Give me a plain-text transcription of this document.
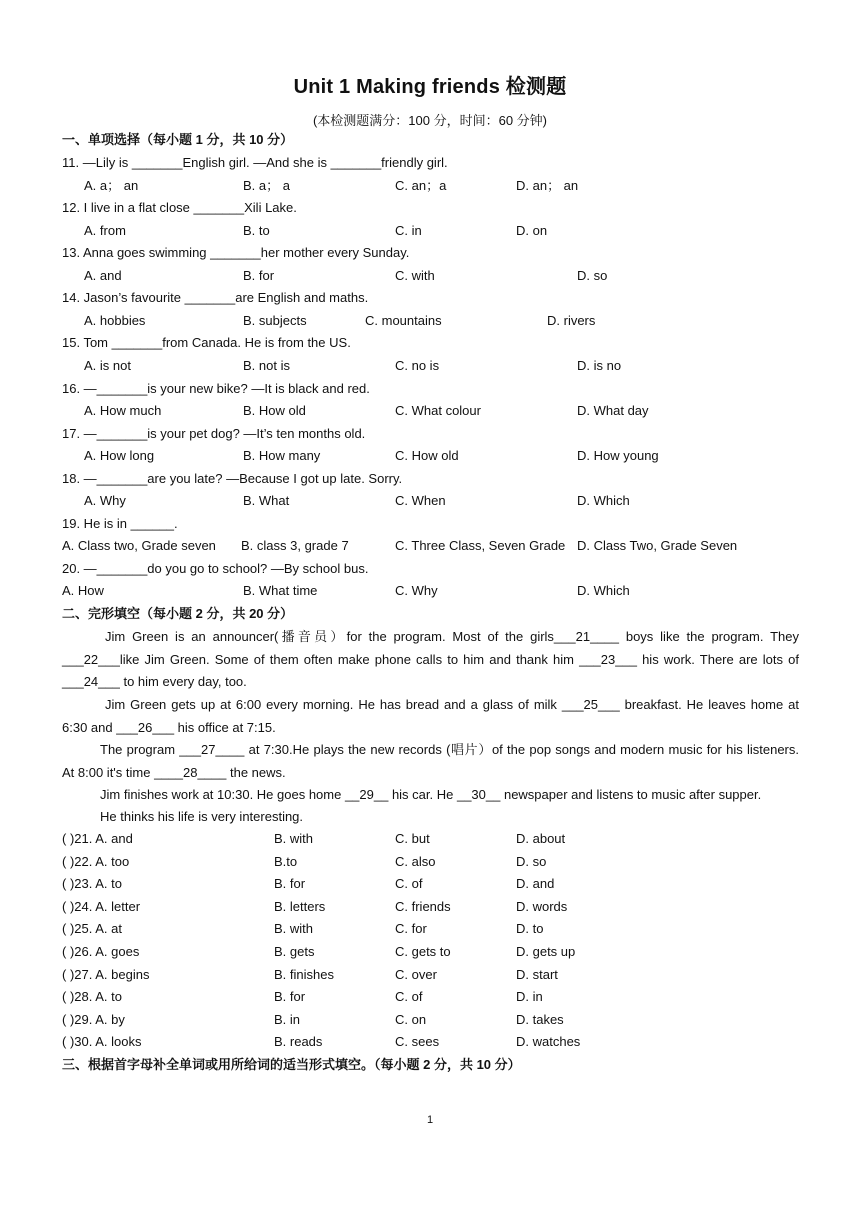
Unit 1 Making friends 检测题
(本检测题满分：100 分，时间：60 分钟)
一、单项选择（每小题 1 分，共 10 分）
11. —Lily is _______English girl. —And she is _______friendly girl.
A. a； an	B. a； a	C. an；a	D. an； an
12. I live in a flat close _______Xili Lake.
A. from	B. to	C. in	D. on
13. Anna goes swimming _______her mother every Sunday.
A. and	B. for	C. with	D. so
14. Jason’s favourite _______are English and maths.
A. hobbies	B. subjects	C. mountains	D. rivers
15. Tom _______from Canada. He is from the US.
A. is not	B. not is	C. no is	D. is no
16. —_______is your new bike? —It is black and red.
A. How much	B. How old	C. What colour	D. What day
17. —_______is your pet dog? —It’s ten months old.
A. How long	B. How many	C. How old	D. How young
18. —_______are you late? —Because I got up late. Sorry.
A. Why	B. What	C. When	D. Which
19. He is in ______.
A. Class two, Grade seven B. class 3, grade 7	C. Three Class, Seven Grade D. Class Two, Grade Seven
20. —_______do you go to school? —By school bus.
A. How	B. What time	C. Why	D. Which
二、完形填空（每小题 2 分，共 20 分）
Jim Green is an announcer(播音员）for the program. Most of the girls___21____ boys like the program. They ___22___like Jim Green. Some of them often make phone calls to him and thank him ___23___ his work. There are lots of ___24___ to him every day, too.
Jim Green gets up at 6:00 every morning. He has bread and a glass of milk ___25___ breakfast. He leaves home at 6:30 and ___26___ his office at 7:15.
The program ___27____ at 7:30.He plays the new records (唱片）of the pop songs and modern music for his listeners. At 8:00 it's time ____28____ the news.
Jim finishes work at 10:30. He goes home __29__ his car. He __30__ newspaper and listens to music after supper.
He thinks his life is very interesting.
( )21. A. and	B. with	C. but	D. about
( )22. A. too	B.to	C. also	D. so
( )23. A. to	B. for	C. of	D. and
( )24. A. letter	B. letters	C. friends	D. words
( )25. A. at	B. with	C. for	D. to
( )26. A. goes	B. gets	C. gets to	D. gets up
( )27. A. begins	B. finishes	C. over	D. start
( )28. A. to	B. for	C. of	D. in
( )29. A. by	B. in	C. on	D. takes
( )30. A. looks	B. reads	C. sees	D. watches
三、根据首字母补全单词或用所给词的适当形式填空。（每小题 2 分，共 10 分）
1
